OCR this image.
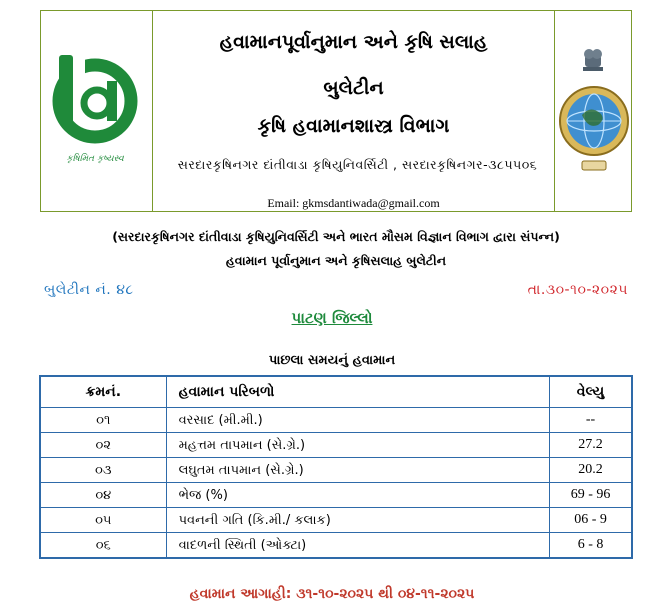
કૃષિમિત કૃષ્યસ્વ
હવામાનપૂર્વાનુમાન અને કૃષિ સલાહ
બુલેટીન
કૃષિ હવામાનશાસ્ત્ર વિભાગ
સરદારકૃષિનગર દાંતીવાડા કૃષિયુનિવર્સિટી , સરદારકૃષિનગર-૩૮૫૫૦૬
Email: gkmsdantiwada@gmail.com
(સરદારકૃષિનગર દાંતીવાડા કૃષિયુનિવર્સિટી અને ભારત મૌસમ વિજ્ઞાન વિભાગ દ્વારા સંપન્ન)
હવામાન પૂર્વાનુમાન અને કૃષિસલાહ બુલેટીન
બુલેટીન નં. ૪૮	તા.૩૦-૧૦-૨૦૨૫
પાટણ જિલ્લો
પાછલા સમયનું હવામાન
ક્રમનં.	હવામાન પરિબળો	વેલ્યુ
૦૧	વરસાદ (મી.મી.)	--
૦૨	મહત્તમ તાપમાન (સે.ગ્રે.)	27.2
૦૩	લઘુતમ તાપમાન (સે.ગ્રે.)	20.2
૦૪	ભેજ (%)	69 - 96
૦૫	પવનની ગતિ (કિ.મી./ કલાક)	06 - 9
૦૬	વાદળની સ્થિતી (ઓક્ટા)	6 - 8
હવામાન આગાહી: ૩૧-૧૦-૨૦૨૫ થી ૦૪-૧૧-૨૦૨૫
